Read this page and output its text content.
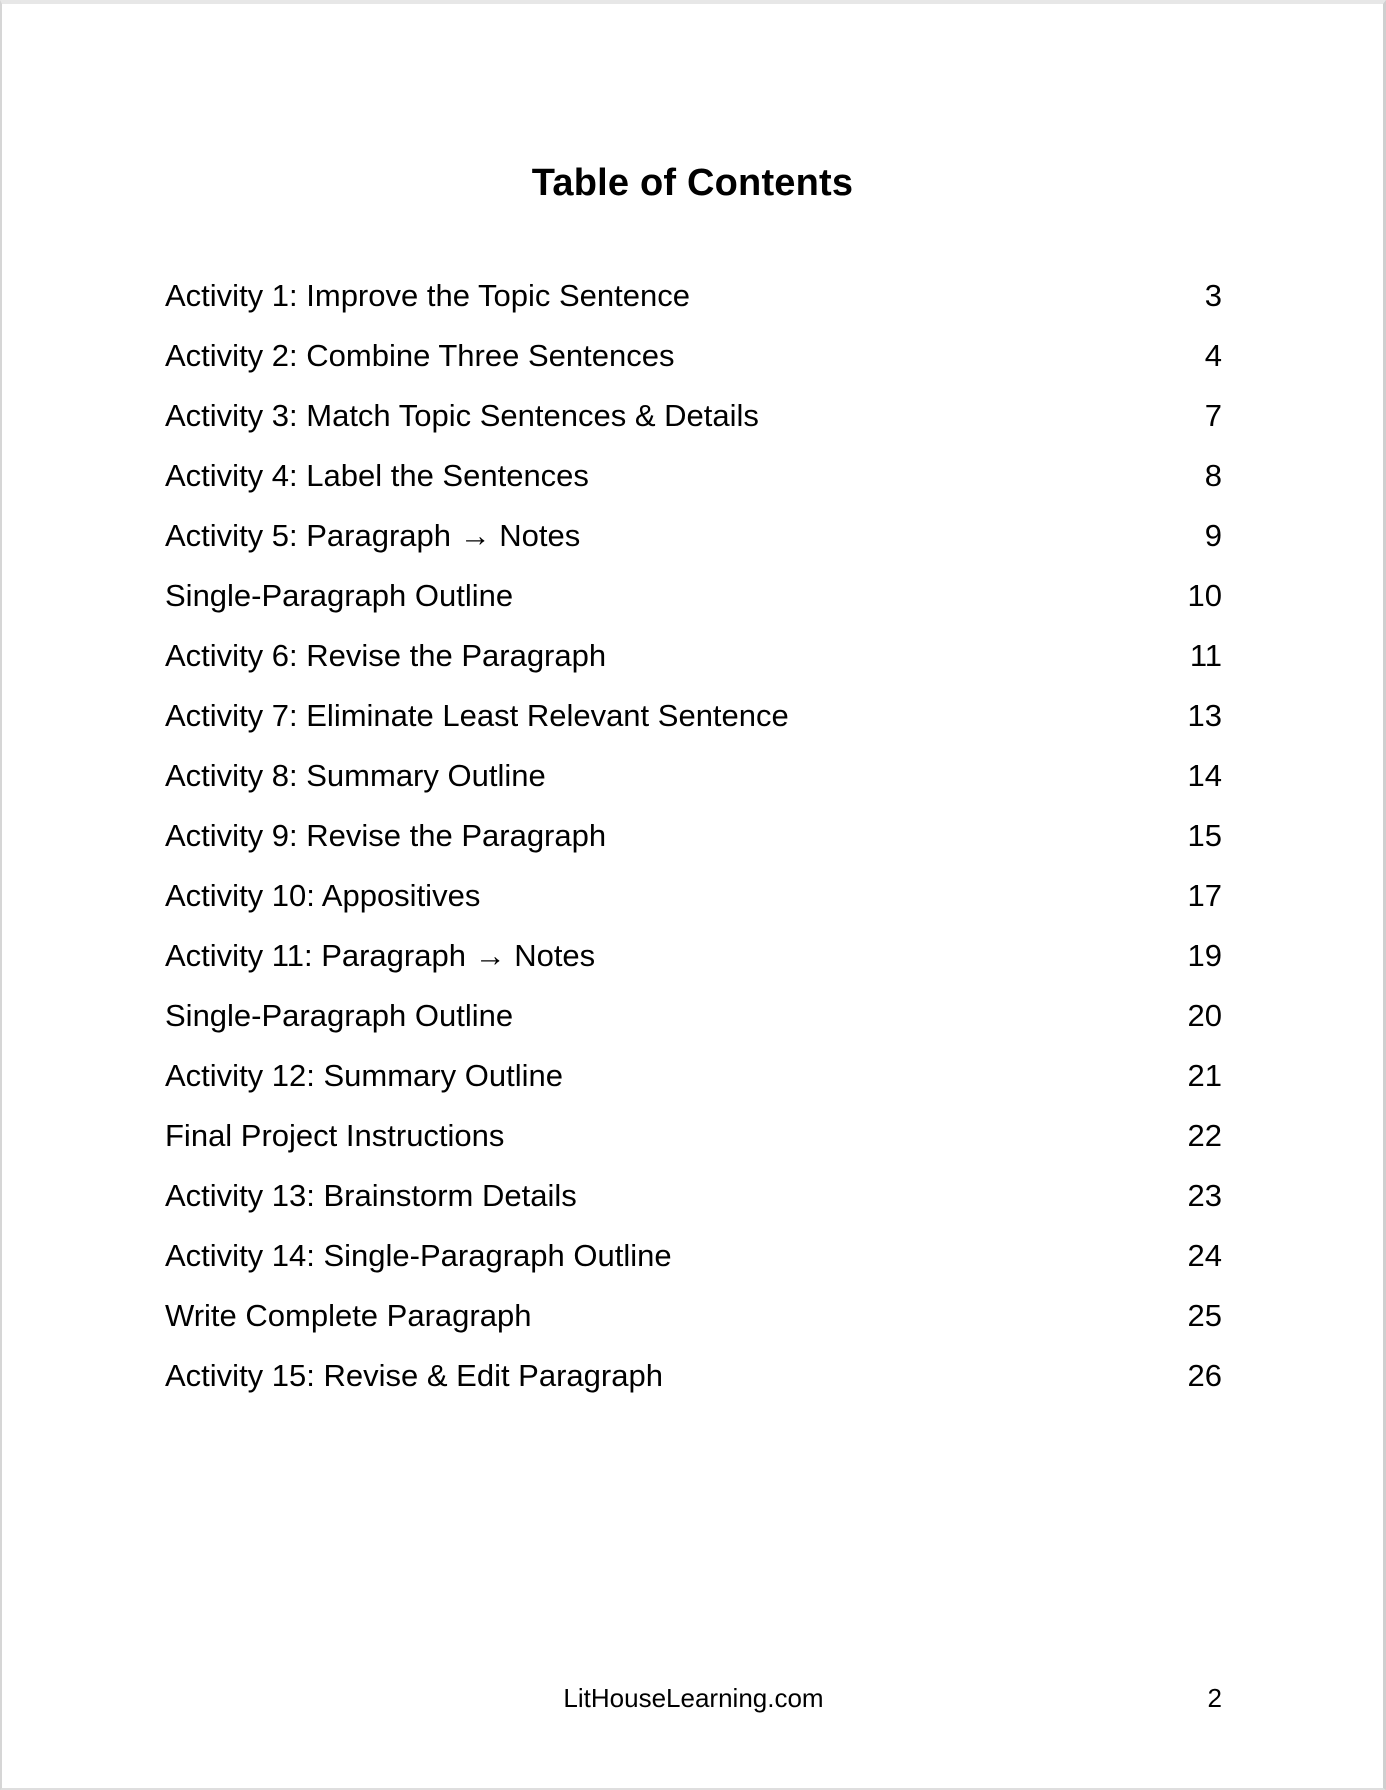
Table of Contents
Activity 1: Improve the Topic Sentence	3
Activity 2: Combine Three Sentences	4
Activity 3: Match Topic Sentences & Details	7
Activity 4: Label the Sentences	8
Activity 5: Paragraph → Notes	9
Single-Paragraph Outline	10
Activity 6: Revise the Paragraph	11
Activity 7: Eliminate Least Relevant Sentence	13
Activity 8: Summary Outline	14
Activity 9: Revise the Paragraph	15
Activity 10: Appositives	17
Activity 11: Paragraph → Notes	19
Single-Paragraph Outline	20
Activity 12: Summary Outline	21
Final Project Instructions	22
Activity 13: Brainstorm Details	23
Activity 14: Single-Paragraph Outline	24
Write Complete Paragraph	25
Activity 15: Revise & Edit Paragraph	26
LitHouseLearning.com	2
